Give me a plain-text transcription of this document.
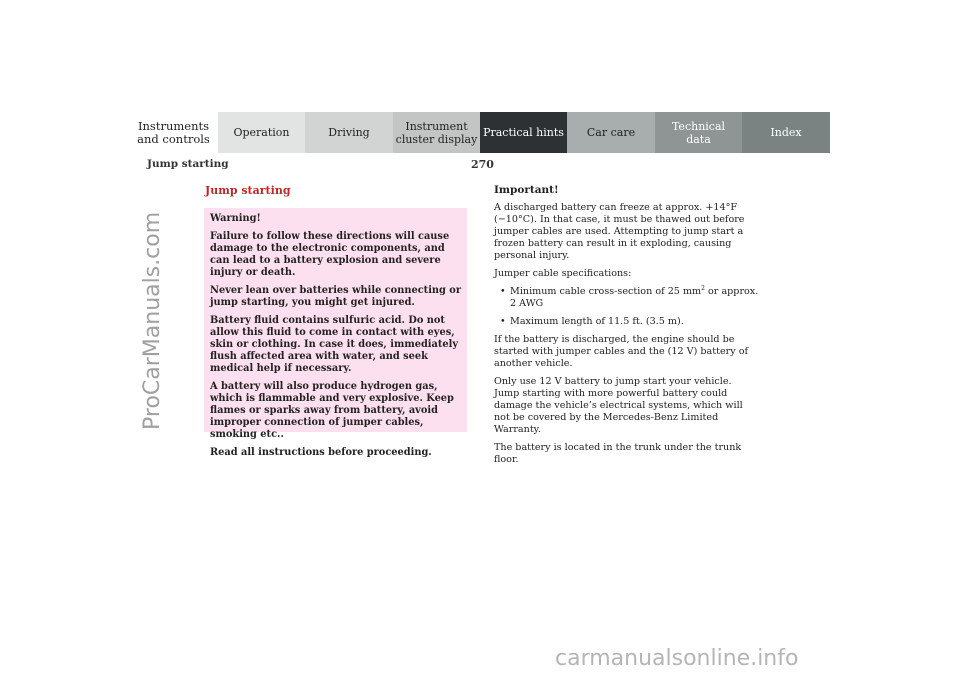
Instruments
and controls	Operation	Driving	Instrument
cluster display Practical hints	Car care	Technical
data	Index
Jump starting	270
ProCarManuals.com
Jump starting

Warning!

Failure to follow these directions will cause damage to the electronic components, and can lead to a battery explosion and severe injury or death.

Never lean over batteries while connecting or jump starting, you might get injured.

Battery fluid contains sulfuric acid. Do not allow this fluid to come in contact with eyes, skin or clothing. In case it does, immediately flush affected area with water, and seek medical help if necessary.

A battery will also produce hydrogen gas, which is flammable and very explosive. Keep flames or sparks away from battery, avoid improper connection of jumper cables, smoking etc..

Read all instructions before proceeding.

Important!

A discharged battery can freeze at approx. +14°F (−10°C). In that case, it must be thawed out before jumper cables are used. Attempting to jump start a frozen battery can result in it exploding, causing personal injury.

Jumper cable specifications:

• Minimum cable cross-section of 25 $mm^2$ or approx. 2 AWG
• Maximum length of 11.5 ft. (3.5 m).

If the battery is discharged, the engine should be started with jumper cables and the (12 V) battery of another vehicle.

Only use 12 V battery to jump start your vehicle. Jump starting with more powerful battery could damage the vehicle’s electrical systems, which will not be covered by the Mercedes-Benz Limited Warranty.

The battery is located in the trunk under the trunk floor.

carmanualsonline.info
